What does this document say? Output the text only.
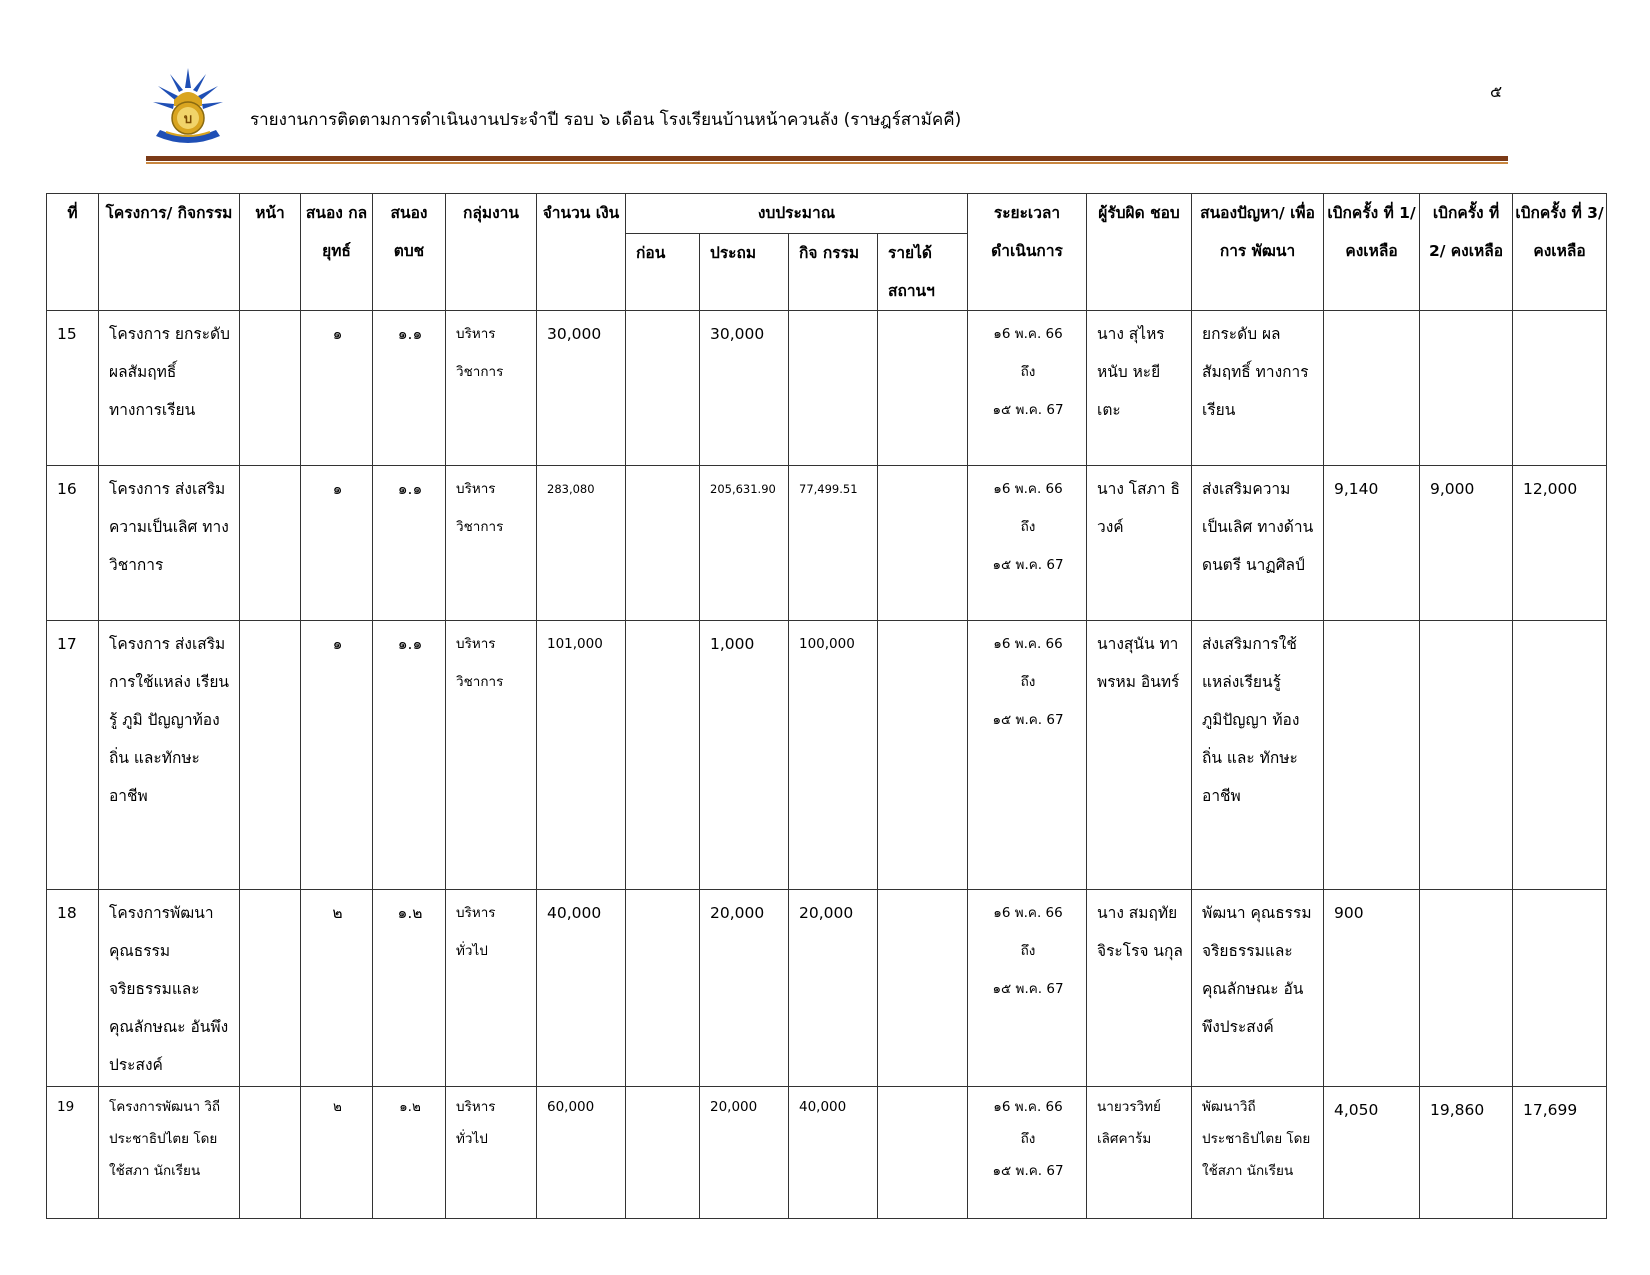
บ	รายงานการติดตามการดำเนินงานประจำปี รอบ ๖ เดือน โรงเรียนบ้านหน้าควนลัง (ราษฎร์สามัคคี)
๕
ที่	โครงการ/ กิจกรรม	หน้า	สนอง กล ยุทธ์	สนอง ตบช	กลุ่มงาน	จำนวน เงิน	งบประมาณ				ระยะเวลา ดำเนินการ	ผู้รับผิด ชอบ	สนองปัญหา/ เพื่อการ พัฒนา	เบิกครั้ง ที่ 1/ คงเหลือ	เบิกครั้ง ที่ 2/ คงเหลือ	เบิกครั้ง ที่ 3/ คงเหลือ
							ก่อน	ประถม	กิจ กรรม	รายได้ สถานฯ						
15	โครงการ ยกระดับ ผลสัมฤทธิ์ ทางการเรียน		๑	๑.๑	บริหาร วิชาการ	30,000		30,000			๑6 พ.ค. 66
ถึง
๑๕ พ.ค. 67	นาง สุไหรหนับ หะยีเตะ	ยกระดับ ผลสัมฤทธิ์ ทางการเรียน			
16	โครงการ ส่งเสริม ความเป็นเลิศ ทางวิชาการ		๑	๑.๑	บริหาร วิชาการ	283,080		205,631.90	77,499.51		๑6 พ.ค. 66
ถึง
๑๕ พ.ค. 67	นาง โสภา ธิ วงค์	ส่งเสริมความ เป็นเลิศ ทางด้านดนตรี นาฏศิลป์	9,140	9,000	12,000
17	โครงการ ส่งเสริม การใช้แหล่ง เรียนรู้ ภูมิ ปัญญาท้องถิ่น และทักษะ อาชีพ		๑	๑.๑	บริหาร วิชาการ	101,000		1,000	100,000		๑6 พ.ค. 66
ถึง
๑๕ พ.ค. 67	นางสุนัน ทา พรหม อินทร์	ส่งเสริมการใช้ แหล่งเรียนรู้ ภูมิปัญญา ท้องถิ่น และ ทักษะอาชีพ			
18	โครงการพัฒนา คุณธรรม จริยธรรมและ คุณลักษณะ อันพึงประสงค์		๒	๑.๒	บริหาร ทั่วไป	40,000		20,000	20,000		๑6 พ.ค. 66
ถึง
๑๕ พ.ค. 67	นาง สมฤทัย จิระโรจ นกุล	พัฒนา คุณธรรม จริยธรรมและ คุณลักษณะ อันพึงประสงค์	900		
19	โครงการพัฒนา วิถีประชาธิปไตย โดยใช้สภา นักเรียน		๒	๑.๒	บริหาร ทั่วไป	60,000		20,000	40,000		๑6 พ.ค. 66
ถึง
๑๕ พ.ค. 67	นายวรวิทย์ เลิศคาร้ม	พัฒนาวิถี ประชาธิปไตย โดยใช้สภา นักเรียน	4,050	19,860	17,699
